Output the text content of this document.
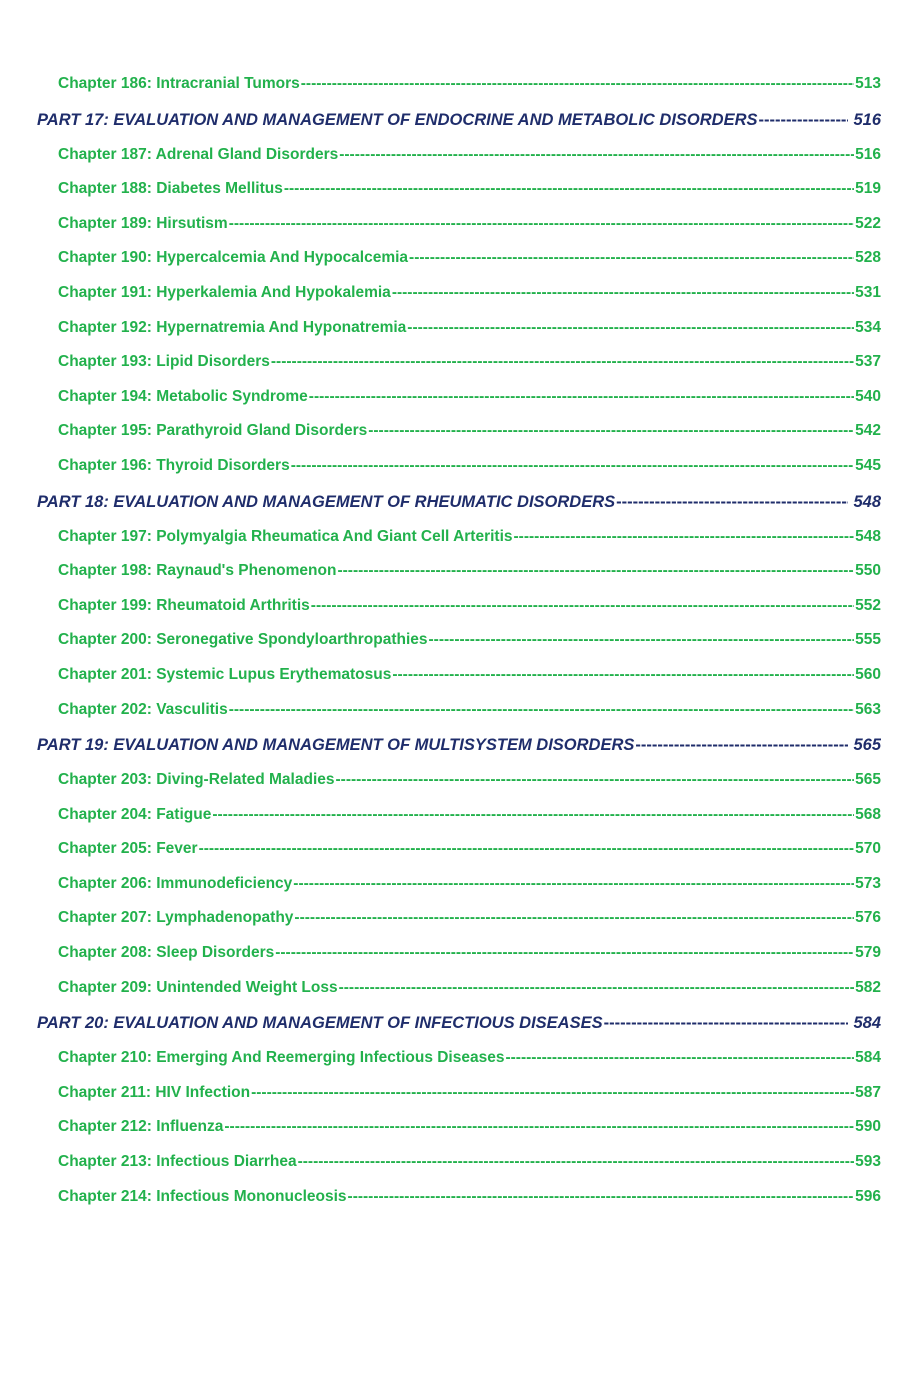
Chapter 186: Intracranial Tumors -----	513
PART 17: EVALUATION AND MANAGEMENT OF ENDOCRINE AND METABOLIC DISORDERS -----	516
Chapter 187: Adrenal Gland Disorders -----	516
Chapter 188: Diabetes Mellitus -----	519
Chapter 189: Hirsutism -----	522
Chapter 190: Hypercalcemia And Hypocalcemia -----	528
Chapter 191: Hyperkalemia And Hypokalemia -----	531
Chapter 192: Hypernatremia And Hyponatremia -----	534
Chapter 193: Lipid Disorders -----	537
Chapter 194: Metabolic Syndrome -----	540
Chapter 195: Parathyroid Gland Disorders -----	542
Chapter 196: Thyroid Disorders -----	545
PART 18: EVALUATION AND MANAGEMENT OF RHEUMATIC DISORDERS -----	548
Chapter 197: Polymyalgia Rheumatica And Giant Cell Arteritis -----	548
Chapter 198: Raynaud's Phenomenon -----	550
Chapter 199: Rheumatoid Arthritis -----	552
Chapter 200: Seronegative Spondyloarthropathies -----	555
Chapter 201: Systemic Lupus Erythematosus -----	560
Chapter 202: Vasculitis -----	563
PART 19: EVALUATION AND MANAGEMENT OF MULTISYSTEM DISORDERS -----	565
Chapter 203: Diving-Related Maladies -----	565
Chapter 204: Fatigue -----	568
Chapter 205: Fever -----	570
Chapter 206: Immunodeficiency -----	573
Chapter 207: Lymphadenopathy -----	576
Chapter 208: Sleep Disorders -----	579
Chapter 209: Unintended Weight Loss -----	582
PART 20: EVALUATION AND MANAGEMENT OF INFECTIOUS DISEASES -----	584
Chapter 210: Emerging And Reemerging Infectious Diseases -----	584
Chapter 211: HIV Infection -----	587
Chapter 212: Influenza -----	590
Chapter 213: Infectious Diarrhea -----	593
Chapter 214: Infectious Mononucleosis -----	596
